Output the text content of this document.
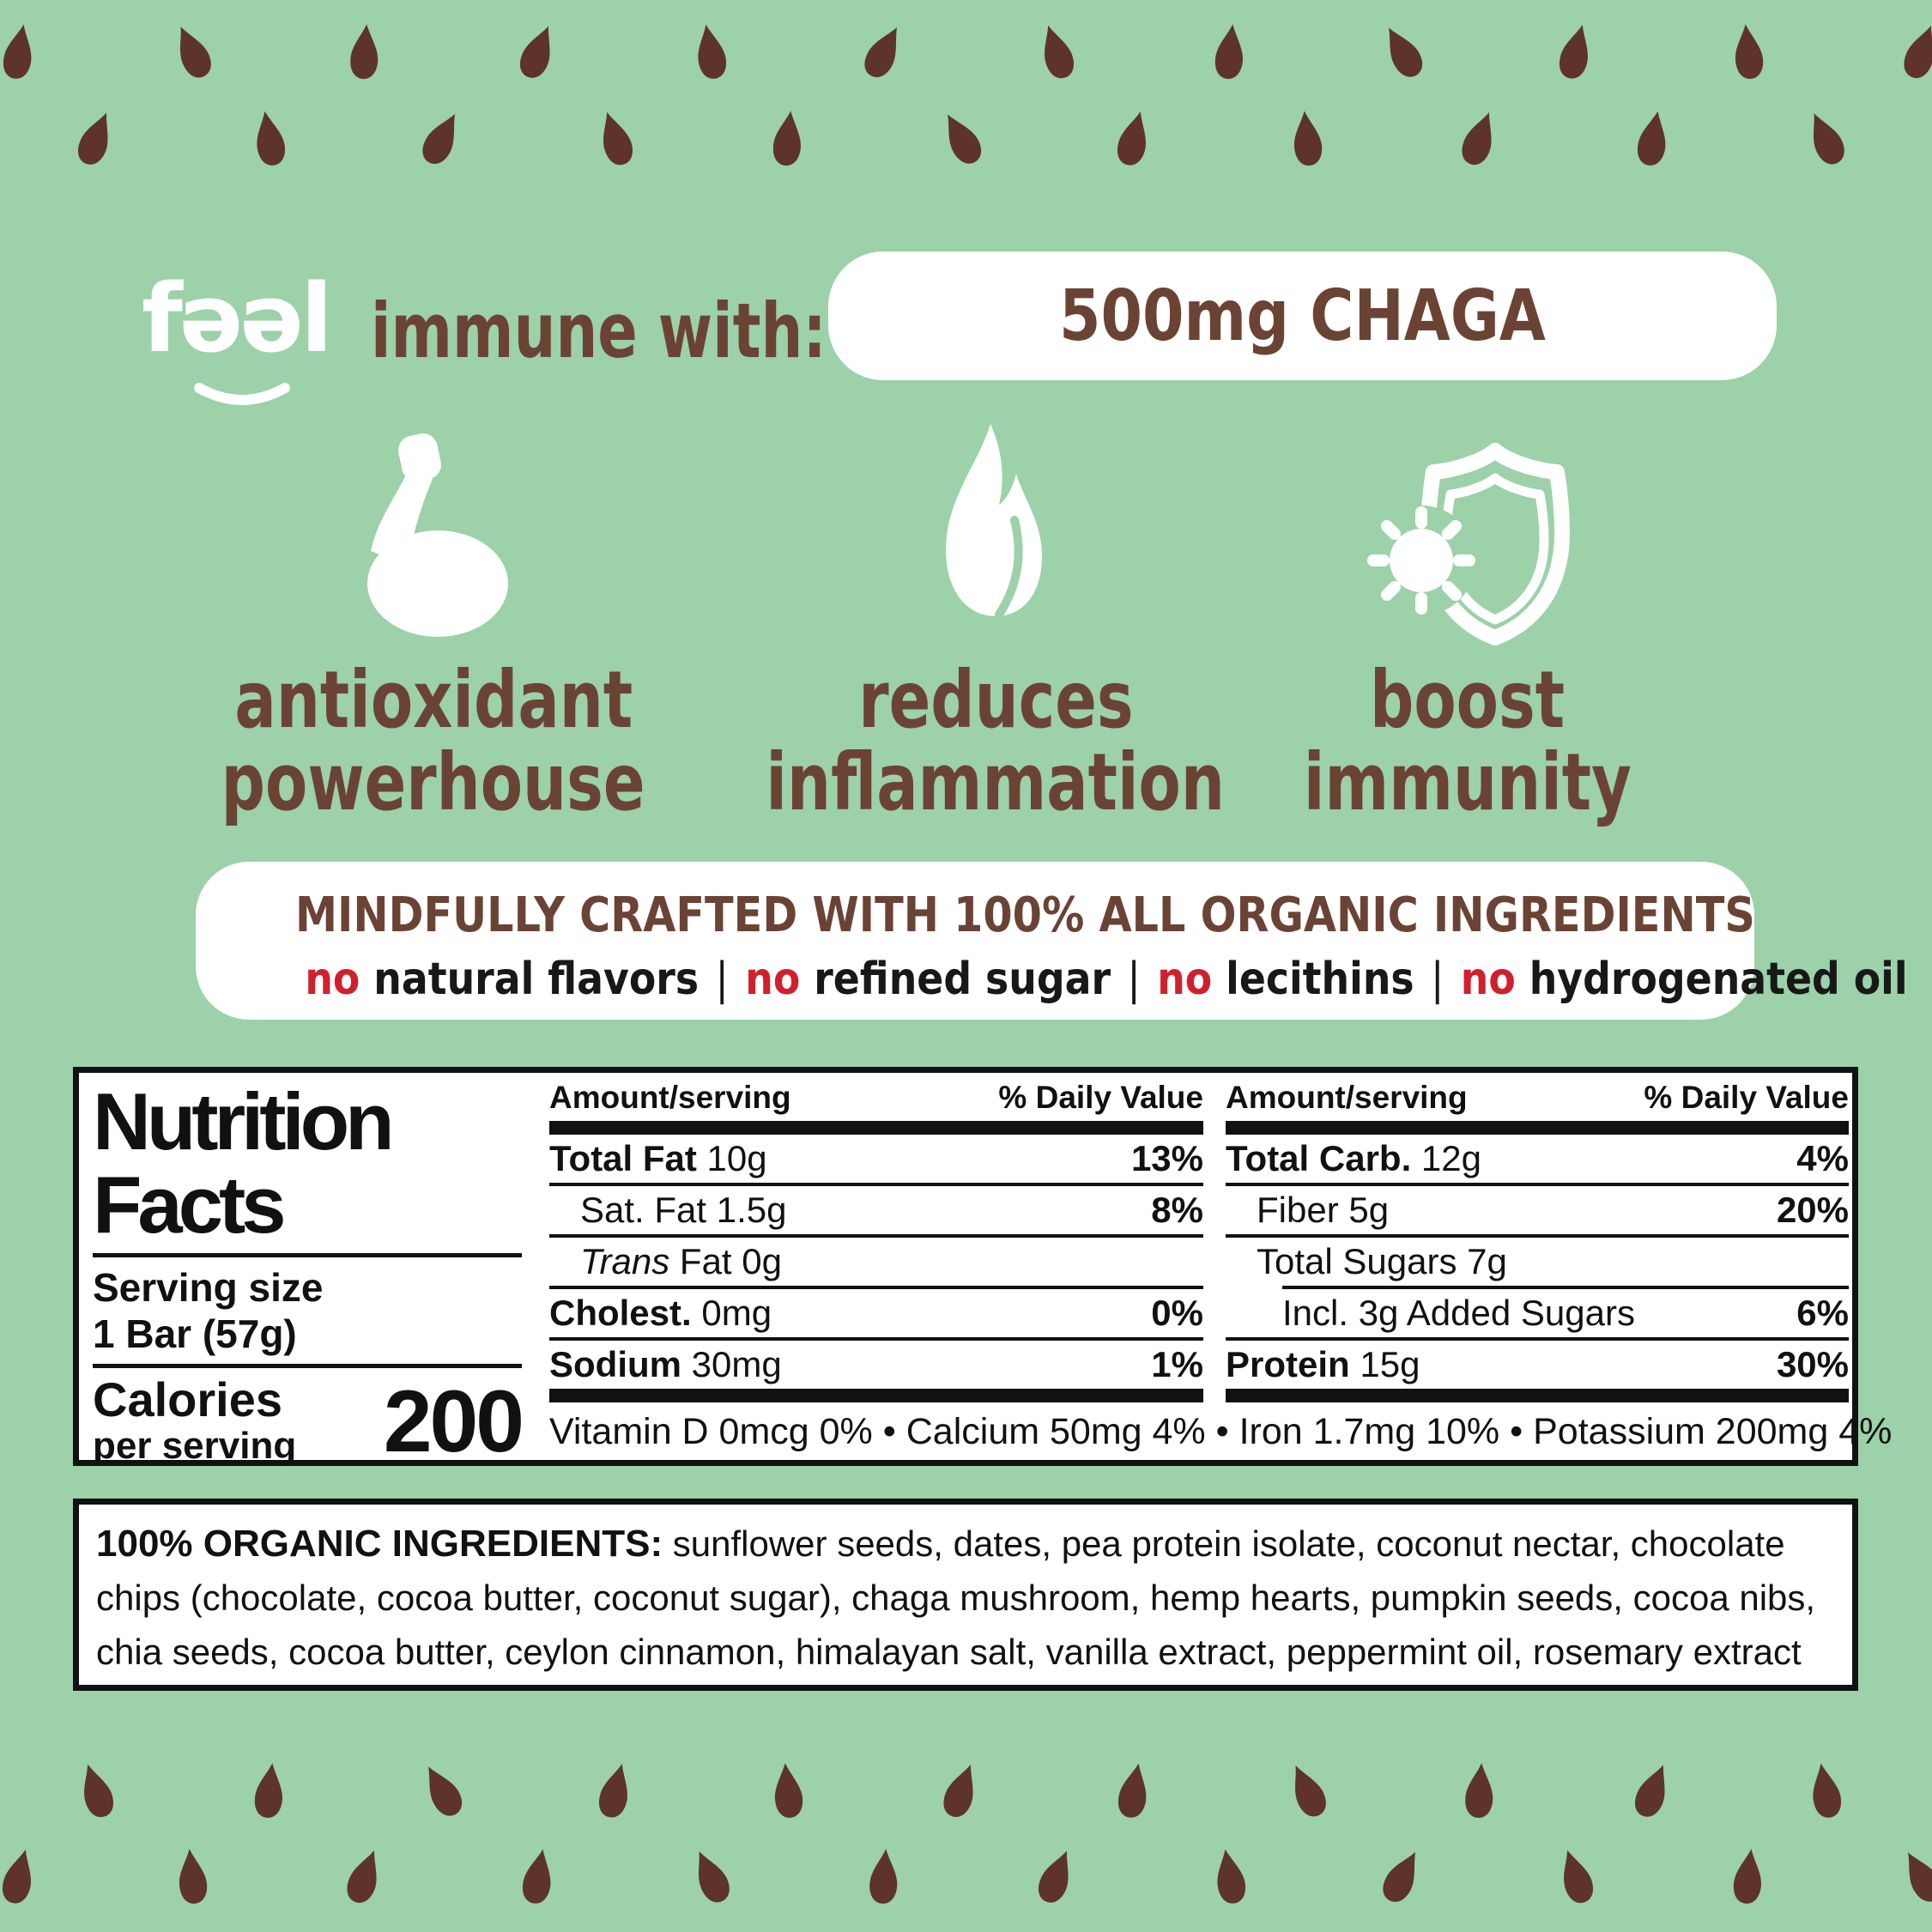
fəəl immune with:	500mg CHAGA
antioxidant
powerhouse
reduces
inflammation
boost
immunity
MINDFULLY CRAFTED WITH 100% ALL ORGANIC INGREDIENTS
no natural flavors | no refined sugar | no lecithins | no hydrogenated oil
Nutrition
Facts
Serving size
1 Bar (57g)
Calories
per serving 200
Amount/serving	% Daily Value
Total Fat 10g	13%
Sat. Fat 1.5g	8%
Trans Fat 0g
Cholest. 0mg	0%
Sodium 30mg	1%
Amount/serving	% Daily Value
Total Carb. 12g	4%
Fiber 5g	20%
Total Sugars 7g
Incl. 3g Added Sugars	6%
Protein 15g	30%
Vitamin D 0mcg 0% • Calcium 50mg 4% • Iron 1.7mg 10% • Potassium 200mg 4%
100% ORGANIC INGREDIENTS: sunflower seeds, dates, pea protein isolate, coconut nectar, chocolate chips (chocolate, cocoa butter, coconut sugar), chaga mushroom, hemp hearts, pumpkin seeds, cocoa nibs, chia seeds, cocoa butter, ceylon cinnamon, himalayan salt, vanilla extract, peppermint oil, rosemary extract
